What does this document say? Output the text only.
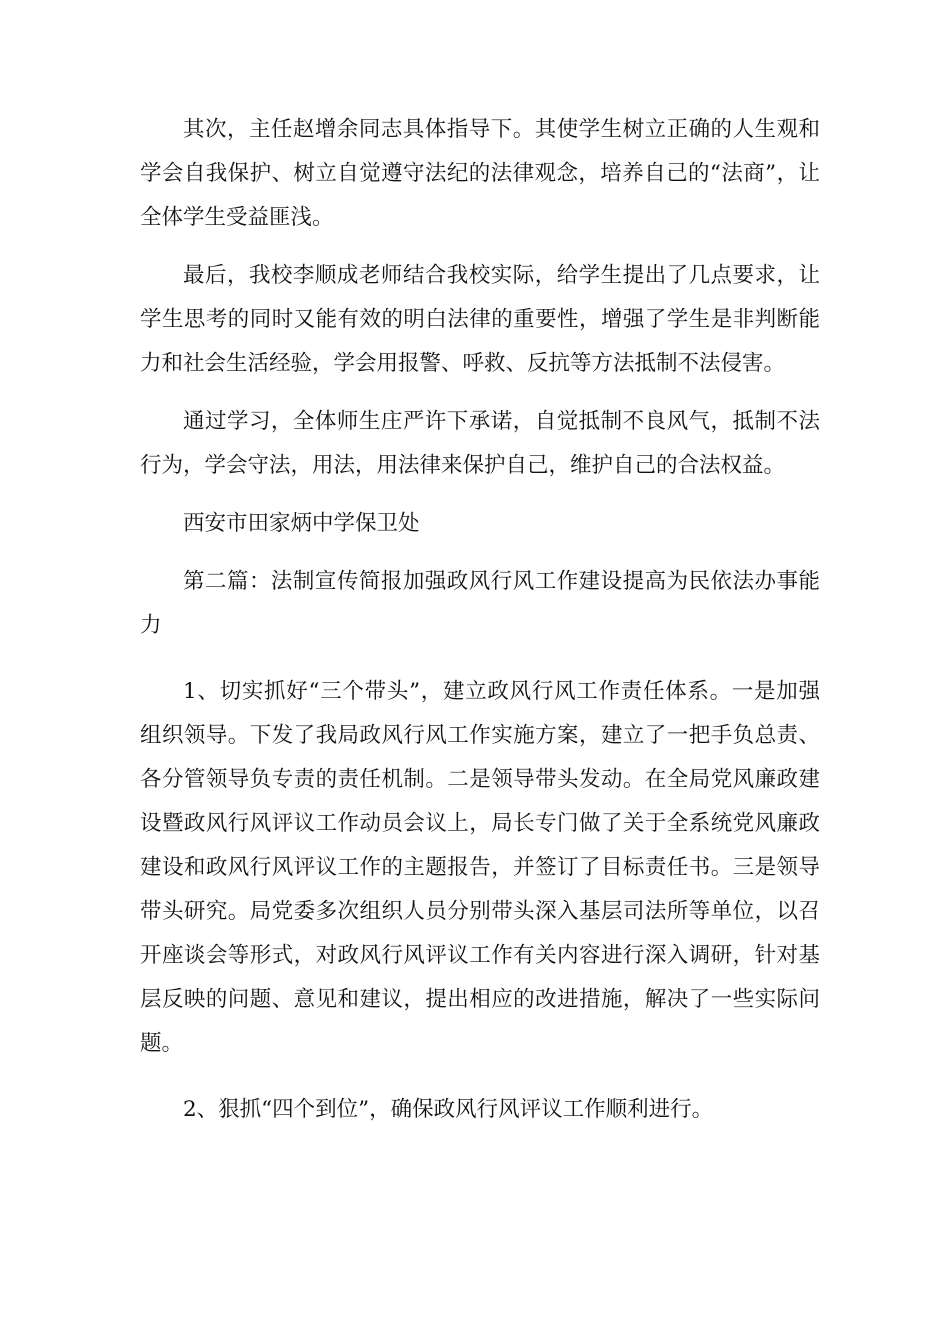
其次，主任赵增余同志具体指导下。其使学生树立正确的人生观和学会自我保护、树立自觉遵守法纪的法律观念，培养自己的“法商”，让全体学生受益匪浅。

最后，我校李顺成老师结合我校实际，给学生提出了几点要求，让学生思考的同时又能有效的明白法律的重要性，增强了学生是非判断能力和社会生活经验，学会用报警、呼救、反抗等方法抵制不法侵害。

通过学习，全体师生庄严许下承诺，自觉抵制不良风气，抵制不法行为，学会守法，用法，用法律来保护自己，维护自己的合法权益。

西安市田家炳中学保卫处

第二篇：法制宣传简报加强政风行风工作建设提高为民依法办事能力

1、切实抓好“三个带头”，建立政风行风工作责任体系。一是加强组织领导。下发了我局政风行风工作实施方案，建立了一把手负总责、各分管领导负专责的责任机制。二是领导带头发动。在全局党风廉政建设暨政风行风评议工作动员会议上，局长专门做了关于全系统党风廉政建设和政风行风评议工作的主题报告，并签订了目标责任书。三是领导带头研究。局党委多次组织人员分别带头深入基层司法所等单位，以召开座谈会等形式，对政风行风评议工作有关内容进行深入调研，针对基层反映的问题、意见和建议，提出相应的改进措施，解决了一些实际问题。

2、狠抓“四个到位”，确保政风行风评议工作顺利进行。
